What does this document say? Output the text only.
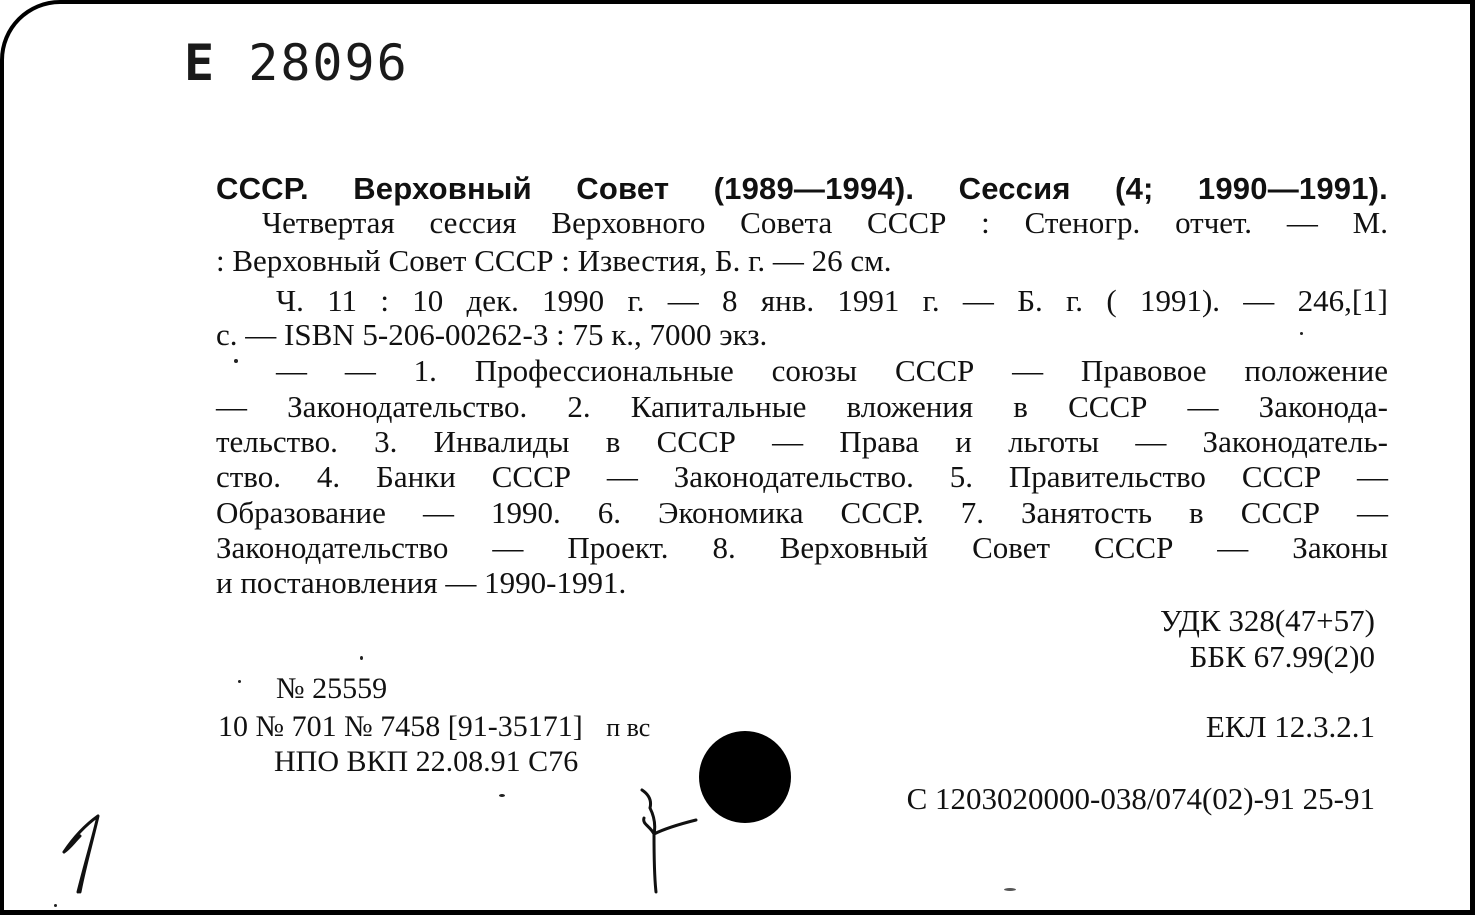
Е 28096
СССР. Верховный Совет (1989—1994). Сессия (4; 1990—1991).
Четвертая сессия Верховного Совета СССР : Стеногр. отчет. — М.
: Верховный Совет СССР : Известия, Б. г. — 26 см.
Ч. 11 : 10 дек. 1990 г. — 8 янв. 1991 г. — Б. г. ( 1991). — 246,[1]
с. — ISBN 5-206-00262-3 : 75 к., 7000 экз.
— — 1. Профессиональные союзы СССР — Правовое положение
— Законодательство. 2. Капитальные вложения в СССР — Законода-
тельство. 3. Инвалиды в СССР — Права и льготы — Законодатель-
ство. 4. Банки СССР — Законодательство. 5. Правительство СССР —
Образование — 1990. 6. Экономика СССР. 7. Занятость в СССР —
Законодательство — Проект. 8. Верховный Совет СССР — Законы
и постановления — 1990-1991.
УДК 328(47+57)
ББК 67.99(2)0
№ 25559
10 № 701 № 7458 [91-35171] п вс
НПО ВКП 22.08.91 С76
ЕКЛ 12.3.2.1
С 1203020000-038/074(02)-91 25-91
